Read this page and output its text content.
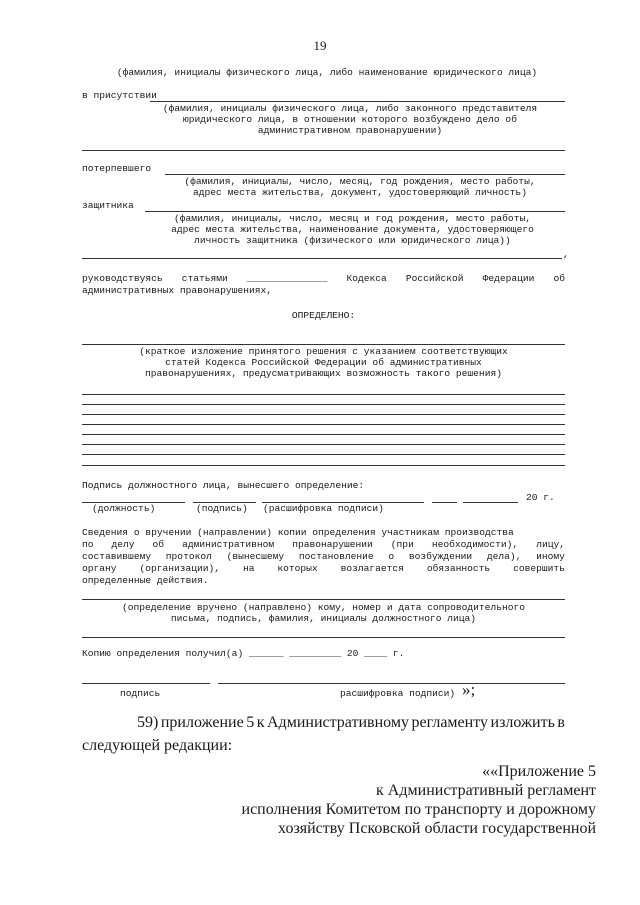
19
(фамилия, инициалы физического лица, либо наименование юридического лица)
в присутствии
(фамилия, инициалы физического лица, либо законного представителя
юридического лица, в отношении которого возбуждено дело об
административном правонарушении)
потерпевшего
(фамилия, инициалы, число, месяц, год рождения, место работы,
адрес места жительства, документ, удостоверяющий личность)
защитника
(фамилия, инициалы, число, месяц и год рождения, место работы,
адрес места жительства, наименование документа, удостоверяющего
личность защитника (физического или юридического лица))
,
руководствуясь статьями ______________ Кодекса Российской Федерации об
административных правонарушениях,
ОПРЕДЕЛЕНО:
(краткое изложение принятого решения с указанием соответствующих
статей Кодекса Российской Федерации об административных
правонарушениях, предусматривающих возможность такого решения)
Подпись должностного лица, вынесшего определение:
20 г.
(должность)	(подпись) (расшифровка подписи)
Сведения о вручении (направлении) копии определения участникам производства
по делу об административном правонарушении (при необходимости), лицу,
составившему протокол (вынесшему постановление о возбуждении дела), иному
органу (организации), на которых возлагается обязанность совершить
определенные действия.
(определение вручено (направлено) кому, номер и дата сопроводительного
письма, подпись, фамилия, инициалы должностного лица)
Копию определения получил(а) ______ _________ 20 ____ г.
подпись	расшифровка подписи) »;
59) приложение 5 к Административному регламенту изложить в
следующей редакции:
««Приложение 5
к Административный регламент
исполнения Комитетом по транспорту и дорожному
хозяйству Псковской области государственной
